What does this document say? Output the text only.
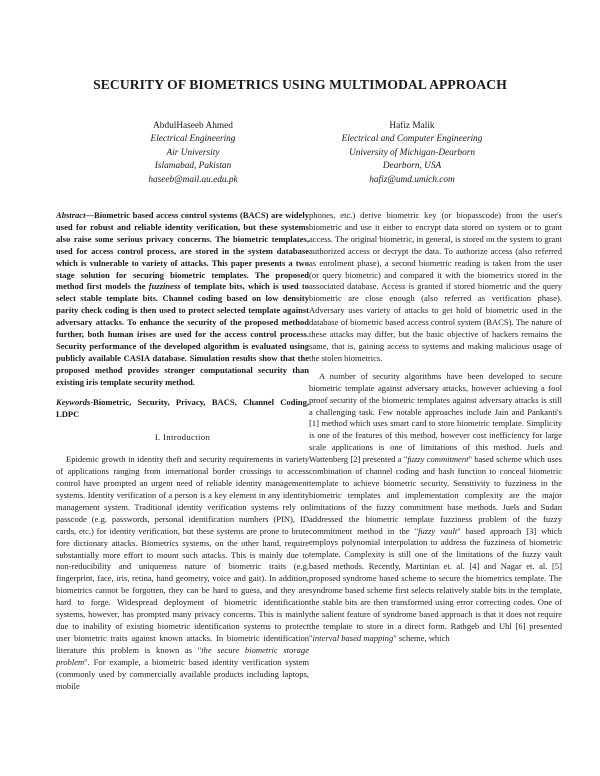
SECURITY OF BIOMETRICS USING MULTIMODAL APPROACH
AbdulHaseeb Ahmed
Electrical Engineering
Air University
Islamabad, Pakistan
haseeb@mail.au.edu.pk
Hafiz Malik
Electrical and Computer Engineering
University of Michigan-Dearborn
Dearborn, USA
hafiz@umd.umich.com

Abstract—Biometric based access control systems (BACS) are widely used for robust and reliable identity verification, but these systems also raise some serious privacy concerns. The biometric templates, used for access control process, are stored in the system database which is vulnerable to variety of attacks. This paper presents a two stage solution for securing biometric templates. The proposed method first models the fuzziness of template bits, which is used to select stable template bits. Channel coding based on low density parity check coding is then used to protect selected template against adversary attacks. To enhance the security of the proposed method further, both human irises are used for the access control process. Security performance of the developed algorithm is evaluated using publicly available CASIA database. Simulation results show that the proposed method provides stronger computational security than existing iris template security method.

Keywords-Biometric, Security, Privacy, BACS, Channel Coding, LDPC

I. Introduction

Epidemic growth in identity theft and security requirements in variety of applications ranging from international border crossings to access control have prompted an urgent need of reliable identity management systems. Identity verification of a person is a key element in any identity management system. Traditional identity verification systems rely on passcode (e.g. passwords, personal identification numbers (PIN), ID cards, etc.) for identity verification, but these systems are prone to brute fore dictionary attacks. Biometrics systems, on the other hand, require substantially more effort to mount such attacks. This is mainly due to non-reducibility and uniqueness nature of biometric traits (e.g. fingerprint, face, iris, retina, hand geometry, voice and gait). In addition, biometrics cannot be forgotten, they can be hard to guess, and they are hard to forge. Widespread deployment of biometric identification systems, however, has prompted many privacy concerns. This is mainly due to inability of existing biometric identification systems to protect user biometric traits against known attacks. In biometric identification literature this problem is known as "the secure biometric storage problem". For example, a biometric based identity verification system (commonly used by commercially available products including laptops, mobile

phones, etc.) derive biometric key (or biopasscode) from the user's biometric and use it either to encrypt data stored on system or to grant access. The original biometric, in general, is stored on the system to grant authorized access or decrypt the data. To authorize access (also referred as enrolment phase), a second biometric reading is taken from the user (or query biometric) and compared it with the biometrics stored in the associated database. Access is granted if stored biometric and the query biometric are close enough (also referred as verification phase). Adversary uses variety of attacks to get hold of biometric used in the database of biometric based access control system (BACS). The nature of these attacks may differ, but the basic objective of hackers remains the same, that is, gaining access to systems and making malicious usage of the stolen biometrics.

A number of security algorithms have been developed to secure biometric template against adversary attacks, however achieving a fool proof security of the biometric templates against adversary attacks is still a challenging task. Few notable approaches include Jain and Pankanti's [1] method which uses smart card to store biometric template. Simplicity is one of the features of this method, however cost inefficiency for large scale applications is one of limitations of this method. Juels and Wattenberg [2] presented a "fuzzy commitment" based scheme which uses combination of channel coding and hash function to conceal biometric template to achieve biometric security. Sensitivity to fuzziness in the biometric templates and implementation complexity are the major limitations of the fuzzy commitment base methods. Juels and Sudan addressed the biometric template fuzziness problem of the fuzzy commitment method in the "fuzzy vault" based approach [3] which employs polynomial interpolation to address the fuzziness of biometric template. Complexity is still one of the limitations of the fuzzy vault based methods. Recently, Martinian et. al. [4] and Nagar et. al. [5] proposed syndrome based scheme to secure the biometrics template. The syndrome based scheme first selects relatively stable bits in the template, the stable bits are then transformed using error correcting codes. One of the salient feature of syndrome based approach is that it does not require the template to store in a direct form. Rathgeb and Uhl [6] presented "interval based mapping" scheme, which
